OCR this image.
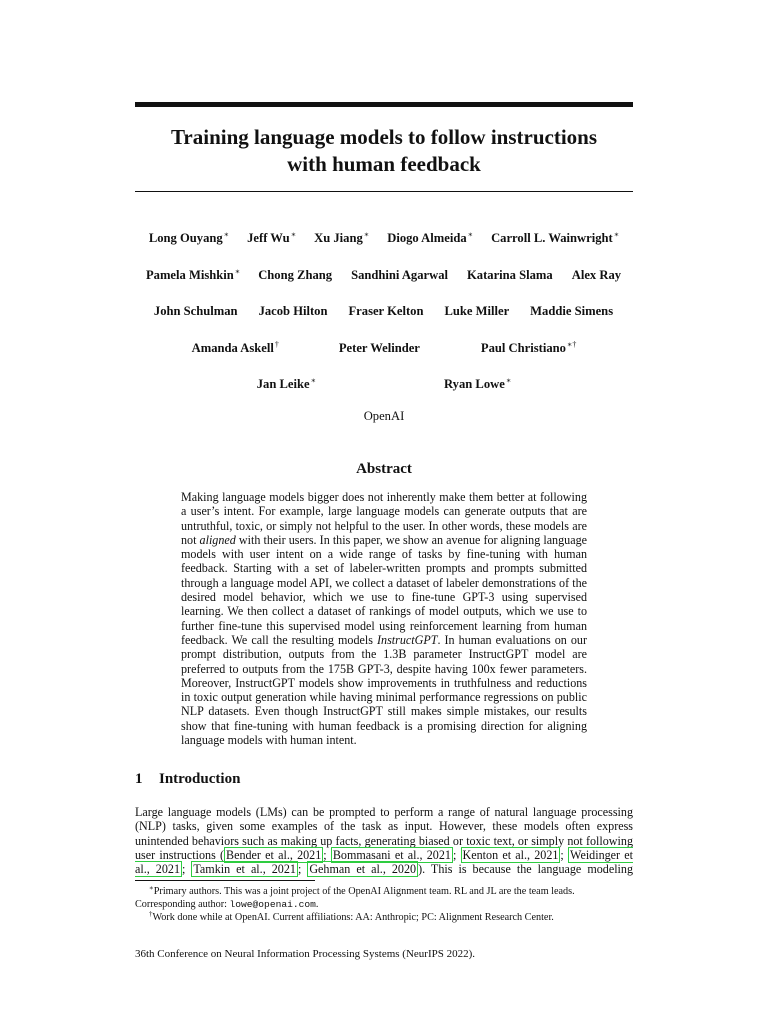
Training language models to follow instructions
with human feedback
Long Ouyang∗ Jeff Wu∗ Xu Jiang∗ Diogo Almeida∗ Carroll L. Wainwright∗
Pamela Mishkin∗ Chong Zhang Sandhini Agarwal Katarina Slama Alex Ray
John Schulman Jacob Hilton Fraser Kelton Luke Miller Maddie Simens
Amanda Askell†	Peter Welinder	Paul Christiano∗†
Jan Leike∗	Ryan Lowe∗
OpenAI
Abstract
Making language models bigger does not inherently make them better at following a user’s intent. For example, large language models can generate outputs that are untruthful, toxic, or simply not helpful to the user. In other words, these models are not aligned with their users. In this paper, we show an avenue for aligning language models with user intent on a wide range of tasks by fine-tuning with human feedback. Starting with a set of labeler-written prompts and prompts submitted through a language model API, we collect a dataset of labeler demonstrations of the desired model behavior, which we use to fine-tune GPT-3 using supervised learning. We then collect a dataset of rankings of model outputs, which we use to further fine-tune this supervised model using reinforcement learning from human feedback. We call the resulting models InstructGPT. In human evaluations on our prompt distribution, outputs from the 1.3B parameter InstructGPT model are preferred to outputs from the 175B GPT-3, despite having 100x fewer parameters. Moreover, InstructGPT models show improvements in truthfulness and reductions in toxic output generation while having minimal performance regressions on public NLP datasets. Even though InstructGPT still makes simple mistakes, our results show that fine-tuning with human feedback is a promising direction for aligning language models with human intent.
1 Introduction
Large language models (LMs) can be prompted to perform a range of natural language processing (NLP) tasks, given some examples of the task as input. However, these models often express unintended behaviors such as making up facts, generating biased or toxic text, or simply not following user instructions ( Bender et al., 2021 ; Bommasani et al., 2021 ; Kenton et al., 2021 ; Weidinger et al., 2021 ; Tamkin et al., 2021 ; Gehman et al., 2020 ). This is because the language modeling
∗Primary authors. This was a joint project of the OpenAI Alignment team. RL and JL are the team leads. Corresponding author: lowe@openai.com.
†Work done while at OpenAI. Current affiliations: AA: Anthropic; PC: Alignment Research Center.
36th Conference on Neural Information Processing Systems (NeurIPS 2022).
